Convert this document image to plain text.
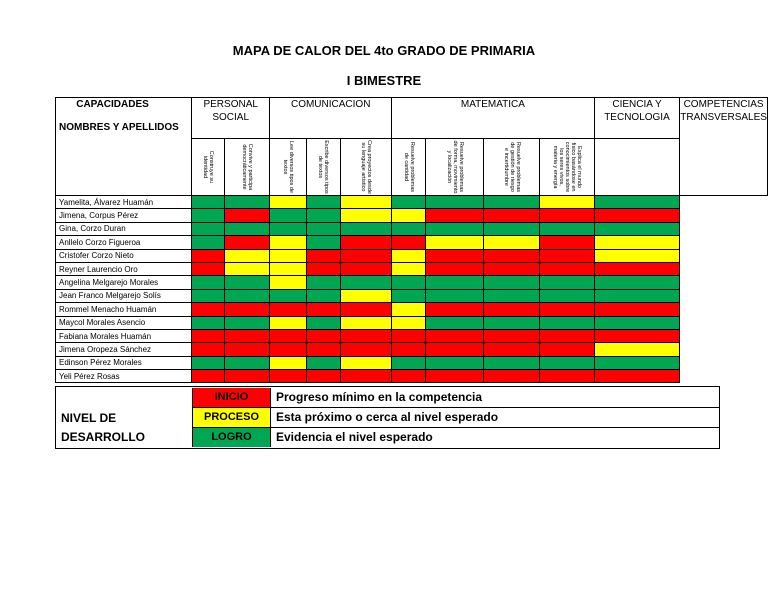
MAPA DE CALOR DEL 4to GRADO DE PRIMARIA
I BIMESTRE
CAPACIDADES
NOMBRES Y APELLIDOS	PERSONAL SOCIAL		COMUNICACION			MATEMATICA				CIENCIA Y TECNOLOGIA	COMPETENCIAS TRANSVERSALES

	Construye su identidad	Convive y participa democráticamente	Lee diversos tipos de textos	Escribe diversos tipos de textos	Crea proyectos desde su lenguaje artístico	Resuelve problemas de cantidad	Resuelve problemas de forma, movimiento y localización	Resuelve problemas de gestión de riesgo e incertidumbre	Explica el mundo físico basándose en conocimientos sobre los seres vivos, materia y energía		

Yamelita, Álvarez Huamán											
Jimena, Corpus Pérez											
Gina, Corzo Duran											
Anllelo Corzo Figueroa											
Cristofer Corzo Nieto											
Reyner Laurencio Oro											
Angelina Melgarejo Morales											
Jean Franco Melgarejo Solís											
Rommel Menacho Huamán											
Maycol Morales Asencio											
Fabiana Morales Huamán											
Jimena Oropeza Sánchez											
Edinson Pérez Morales											
Yeli Pérez Rosas											
NIVEL DE DESARROLLO
INICIO	Progreso mínimo en la competencia
PROCESO	Esta próximo o cerca al nivel esperado
LOGRO	Evidencia el nivel esperado
